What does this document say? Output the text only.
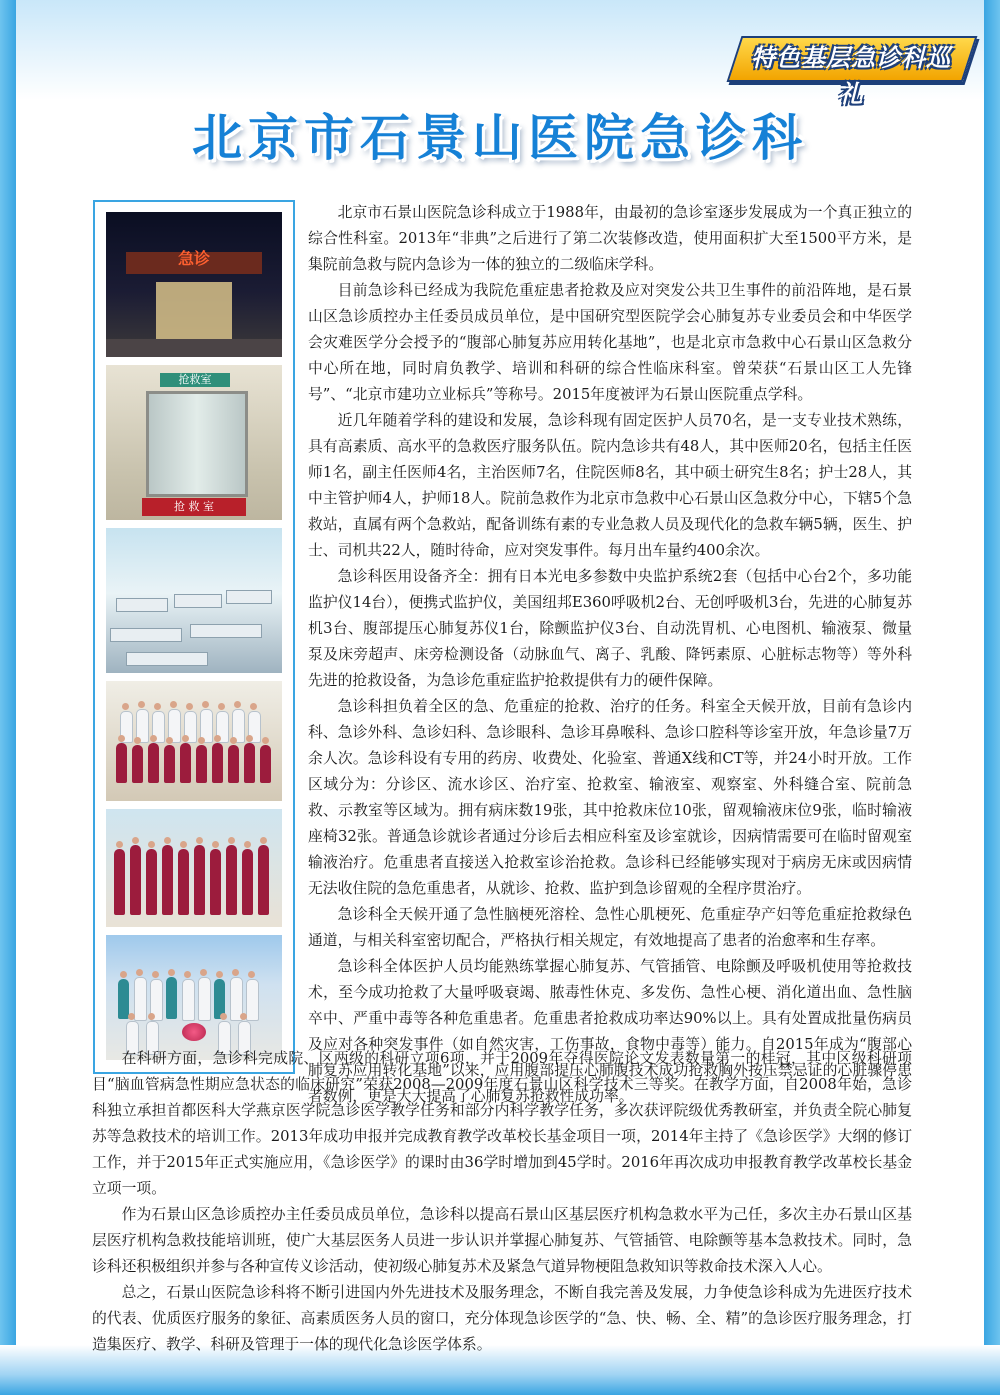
特色基层急诊科巡礼
北京市石景山医院急诊科
急诊
抢救室
抢 救 室

北京市石景山医院急诊科成立于1988年，由最初的急诊室逐步发展成为一个真正独立的综合性科室。2013年“非典”之后进行了第二次装修改造，使用面积扩大至1500平方米，是集院前急救与院内急诊为一体的独立的二级临床学科。

目前急诊科已经成为我院危重症患者抢救及应对突发公共卫生事件的前沿阵地，是石景山区急诊质控办主任委员成员单位，是中国研究型医院学会心肺复苏专业委员会和中华医学会灾难医学分会授予的“腹部心肺复苏应用转化基地”，也是北京市急救中心石景山区急救分中心所在地，同时肩负教学、培训和科研的综合性临床科室。曾荣获“石景山区工人先锋号”、“北京市建功立业标兵”等称号。2015年度被评为石景山医院重点学科。

近几年随着学科的建设和发展，急诊科现有固定医护人员70名，是一支专业技术熟练，具有高素质、高水平的急救医疗服务队伍。院内急诊共有48人，其中医师20名，包括主任医师1名，副主任医师4名，主治医师7名，住院医师8名，其中硕士研究生8名；护士28人，其中主管护师4人，护师18人。院前急救作为北京市急救中心石景山区急救分中心，下辖5个急救站，直属有两个急救站，配备训练有素的专业急救人员及现代化的急救车辆5辆，医生、护士、司机共22人，随时待命，应对突发事件。每月出车量约400余次。

急诊科医用设备齐全：拥有日本光电多参数中央监护系统2套（包括中心台2个，多功能监护仪14台），便携式监护仪，美国纽邦E360呼吸机2台、无创呼吸机3台，先进的心肺复苏机3台、腹部提压心肺复苏仪1台，除颤监护仪3台、自动洗胃机、心电图机、输液泵、微量泵及床旁超声、床旁检测设备（动脉血气、离子、乳酸、降钙素原、心脏标志物等）等外科先进的抢救设备，为急诊危重症监护抢救提供有力的硬件保障。

急诊科担负着全区的急、危重症的抢救、治疗的任务。科室全天候开放，目前有急诊内科、急诊外科、急诊妇科、急诊眼科、急诊耳鼻喉科、急诊口腔科等诊室开放，年急诊量7万余人次。急诊科设有专用的药房、收费处、化验室、普通X线和CT等，并24小时开放。工作区域分为：分诊区、流水诊区、治疗室、抢救室、输液室、观察室、外科缝合室、院前急救、示教室等区域为。拥有病床数19张，其中抢救床位10张，留观输液床位9张，临时输液座椅32张。普通急诊就诊者通过分诊后去相应科室及诊室就诊，因病情需要可在临时留观室输液治疗。危重患者直接送入抢救室诊治抢救。急诊科已经能够实现对于病房无床或因病情无法收住院的急危重患者，从就诊、抢救、监护到急诊留观的全程序贯治疗。

急诊科全天候开通了急性脑梗死溶栓、急性心肌梗死、危重症孕产妇等危重症抢救绿色通道，与相关科室密切配合，严格执行相关规定，有效地提高了患者的治愈率和生存率。

急诊科全体医护人员均能熟练掌握心肺复苏、气管插管、电除颤及呼吸机使用等抢救技术，至今成功抢救了大量呼吸衰竭、脓毒性休克、多发伤、急性心梗、消化道出血、急性脑卒中、严重中毒等各种危重患者。危重患者抢救成功率达90%以上。具有处置成批量伤病员及应对各种突发事件（如自然灾害，工伤事故，食物中毒等）能力。自2015年成为“腹部心肺复苏应用转化基地”以来，应用腹部提压心肺腹技术成功抢救胸外按压禁忌证的心脏骤停患者数例，更是大大提高了心肺复苏抢救性成功率。

在科研方面，急诊科完成院、区两级的科研立项6项，并于2009年夺得医院论文发表数量第一的桂冠，其中区级科研项目“脑血管病急性期应急状态的临床研究”荣获2008—2009年度石景山区科学技术三等奖。在教学方面，自2008年始，急诊科独立承担首都医科大学燕京医学院急诊医学教学任务和部分内科学教学任务，多次获评院级优秀教研室，并负责全院心肺复苏等急救技术的培训工作。2013年成功申报并完成教育教学改革校长基金项目一项，2014年主持了《急诊医学》大纲的修订工作，并于2015年正式实施应用，《急诊医学》的课时由36学时增加到45学时。2016年再次成功申报教育教学改革校长基金立项一项。

作为石景山区急诊质控办主任委员成员单位，急诊科以提高石景山区基层医疗机构急救水平为己任，多次主办石景山区基层医疗机构急救技能培训班，使广大基层医务人员进一步认识并掌握心肺复苏、气管插管、电除颤等基本急救技术。同时，急诊科还积极组织并参与各种宣传义诊活动，使初级心肺复苏术及紧急气道异物梗阻急救知识等救命技术深入人心。

总之，石景山医院急诊科将不断引进国内外先进技术及服务理念，不断自我完善及发展，力争使急诊科成为先进医疗技术的代表、优质医疗服务的象征、高素质医务人员的窗口，充分体现急诊医学的“急、快、畅、全、精”的急诊医疗服务理念，打造集医疗、教学、科研及管理于一体的现代化急诊医学体系。
